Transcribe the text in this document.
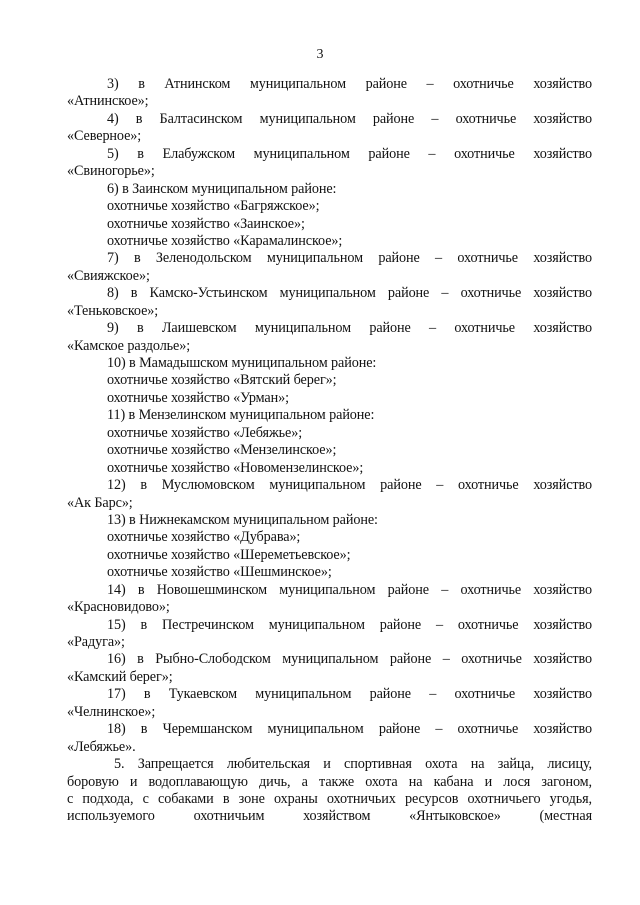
3
3) в Атнинском муниципальном районе – охотничье хозяйство
«Атнинское»;
4) в Балтасинском муниципальном районе – охотничье хозяйство
«Северное»;
5) в Елабужском муниципальном районе – охотничье хозяйство
«Свиногорье»;
6) в Заинском муниципальном районе:
охотничье хозяйство «Багряжское»;
охотничье хозяйство «Заинское»;
охотничье хозяйство «Карамалинское»;
7) в Зеленодольском муниципальном районе – охотничье хозяйство
«Свияжское»;
8) в Камско-Устьинском муниципальном районе – охотничье хозяйство
«Теньковское»;
9) в Лаишевском муниципальном районе – охотничье хозяйство
«Камское раздолье»;
10) в Мамадышском муниципальном районе:
охотничье хозяйство «Вятский берег»;
охотничье хозяйство «Урман»;
11) в Мензелинском муниципальном районе:
охотничье хозяйство «Лебяжье»;
охотничье хозяйство «Мензелинское»;
охотничье хозяйство «Новомензелинское»;
12) в Муслюмовском муниципальном районе – охотничье хозяйство
«Ак Барс»;
13) в Нижнекамском муниципальном районе:
охотничье хозяйство «Дубрава»;
охотничье хозяйство «Шереметьевское»;
охотничье хозяйство «Шешминское»;
14) в Новошешминском муниципальном районе – охотничье хозяйство
«Красновидово»;
15) в Пестречинском муниципальном районе – охотничье хозяйство
«Радуга»;
16) в Рыбно-Слободском муниципальном районе – охотничье хозяйство
«Камский берег»;
17) в Тукаевском муниципальном районе – охотничье хозяйство
«Челнинское»;
18) в Черемшанском муниципальном районе – охотничье хозяйство
«Лебяжье».
5. Запрещается любительская и спортивная охота на зайца, лисицу,
боровую и водоплавающую дичь, а также охота на кабана и лося загоном,
с подхода, с собаками в зоне охраны охотничьих ресурсов охотничьего угодья,
используемого охотничьим хозяйством «Янтыковское» (местная
